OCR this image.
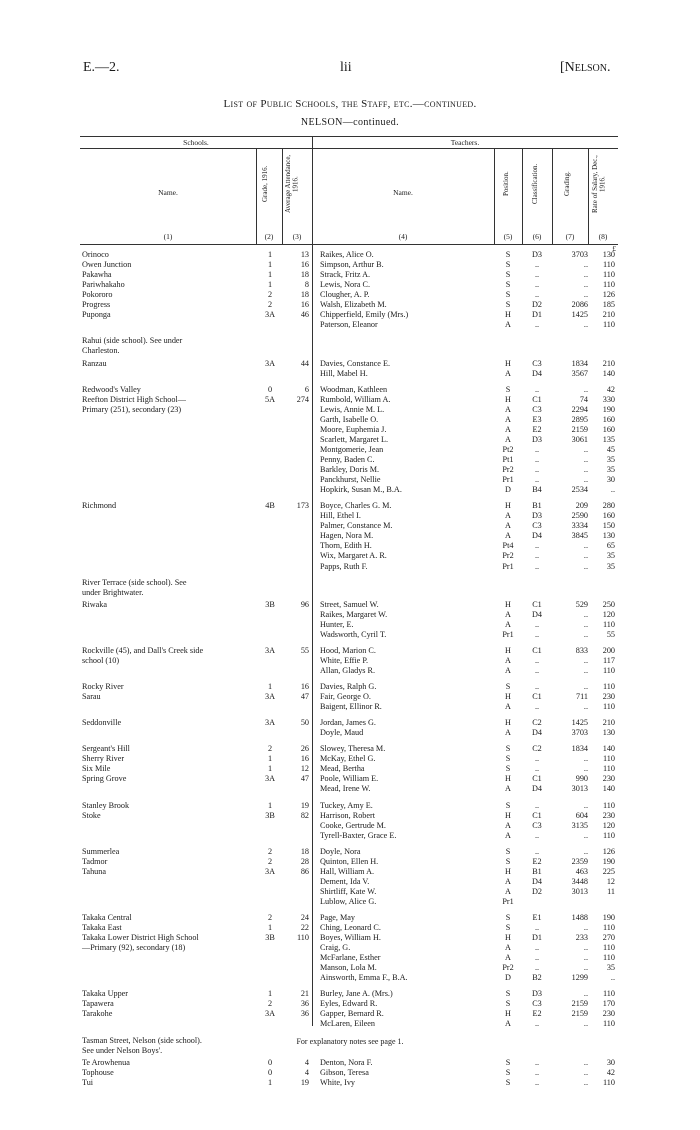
E.—2.	lii	[Nelson.
List of Public Schools, the Staff, etc.—continued.
NELSON—continued.
Schools.	Teachers.
Name.	Grade, 1916. Average Attendance, 1916.
Name.	Position.	Classification.	Grading.	Rate of Salary, Dec., 1916.
(1)	(2)	(3)	(4)	(5)	(6)	(7)	(8)
£
Orinoco	1	13 Raikes, Alice O.	S	D3	3703	130
Owen Junction	1	16 Simpson, Arthur B.	S	..	..	110
Pakawha	1	18 Strack, Fritz A.	S	..	..	110
Pariwhakaho	1	8 Lewis, Nora C.	S	..	..	110
Pokororo	2	18 Clougher, A. P.	S	..	..	126
Progress	2	16 Walsh, Elizabeth M.	S	D2	2086	185
Puponga	3A	46 Chipperfield, Emily (Mrs.)	H	D1	1425	210
Paterson, Eleanor	A	..	..	110
Rahui (side school). See under
Charleston.
Ranzau	3A	44 Davies, Constance E.	H	C3	1834	210
Hill, Mabel H.	A	D4	3567	140
Redwood's Valley	0	6 Woodman, Kathleen	S	..	..	42
Reefton District High School—	5A	274 Rumbold, William A.	H	C1	74	330
Primary (251), secondary (23)	Lewis, Annie M. L.	A	C3	2294	190
Garth, Isabelle O.	A	E3	2895	160
Moore, Euphemia J.	A	E2	2159	160
Scarlett, Margaret L.	A	D3	3061	135
Montgomerie, Jean	Pt2	..	..	45
Penny, Baden C.	Pt1	..	..	35
Barkley, Doris M.	Pr2	..	..	35
Panckhurst, Nellie	Pr1	..	..	30
Hopkirk, Susan M., B.A.	D	B4	2534	..
Richmond	4B	173 Boyce, Charles G. M.	H	B1	209	280
Hill, Ethel I.	A	D3	2590	160
Palmer, Constance M.	A	C3	3334	150
Hagen, Nora M.	A	D4	3845	130
Thorn, Edith H.	Pt4	..	..	65
Wix, Margaret A. R.	Pr2	..	..	35
Papps, Ruth F.	Pr1	..	..	35
River Terrace (side school). See
under Brightwater.
Riwaka	3B	96 Street, Samuel W.	H	C1	529	250
Raikes, Margaret W.	A	D4	..	120
Hunter, E.	A	..	..	110
Wadsworth, Cyril T.	Pr1	..	..	55
Rockville (45), and Dall's Creek side	3A	55 Hood, Marion C.	H	C1	833	200
school (10)	White, Effie P.	A	..	..	117
Allan, Gladys R.	A	..	..	110
Rocky River	1	16 Davies, Ralph G.	S	..	..	110
Sarau	3A	47 Fair, George O.	H	C1	711	230
Baigent, Ellinor R.	A	..	..	110
Seddonville	3A	50 Jordan, James G.	H	C2	1425	210
Doyle, Maud	A	D4	3703	130
Sergeant's Hill	2	26 Slowey, Theresa M.	S	C2	1834	140
Sherry River	1	16 McKay, Ethel G.	S	..	..	110
Six Mile	1	12 Mead, Bertha	S	..	..	110
Spring Grove	3A	47 Poole, William E.	H	C1	990	230
Mead, Irene W.	A	D4	3013	140
Stanley Brook	1	19 Tuckey, Amy E.	S	..	..	110
Stoke	3B	82 Harrison, Robert	H	C1	604	230
Cooke, Gertrude M.	A	C3	3135	120
Tyrell-Baxter, Grace E.	A	..	..	110
Summerlea	2	18 Doyle, Nora	S	..	..	126
Tadmor	2	28 Quinton, Ellen H.	S	E2	2359	190
Tahuna	3A	86 Hall, William A.	H	B1	463	225
Dement, Ida V.	A	D4	3448	12
Shirtliff, Kate W.	A	D2	3013	11
Lublow, Alice G.	Pr1
Takaka Central	2	24 Page, May	S	E1	1488	190
Takaka East	1	22 Ching, Leonard C.	S	..	..	110
Takaka Lower District High School	3B	110 Boyes, William H.	H	D1	233	270
—Primary (92), secondary (18)	Craig, G.	A	..	..	110
McFarlane, Esther	A	..	..	110
Manson, Lola M.	Pr2	..	..	35
Ainsworth, Emma F., B.A.	D	B2	1299	..
Takaka Upper	1	21 Burley, Jane A. (Mrs.)	S	D3	..	110
Tapawera	2	36 Eyles, Edward R.	S	C3	2159	170
Tarakohe	3A	36 Gapper, Bernard R.	H	E2	2159	230
McLaren, Eileen	A	..	..	110
Tasman Street, Nelson (side school).
See under Nelson Boys'.
Te Arowhenua	0	4 Denton, Nora F.	S	..	..	30
Tophouse	0	4 Gibson, Teresa	S	..	..	42
Tui	1	19 White, Ivy	S	..	..	110
For explanatory notes see page 1.
